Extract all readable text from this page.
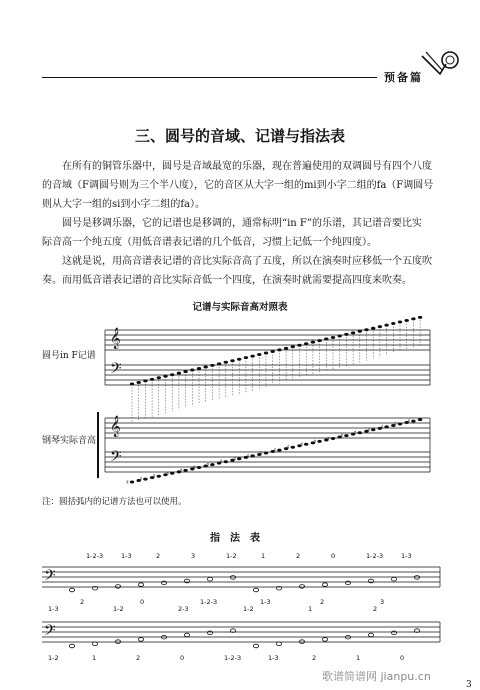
预备篇
三、圆号的音域、记谱与指法表
在所有的铜管乐器中，圆号是音域最宽的乐器，现在普遍使用的双调圆号有四个八度
的音域（F调圆号则为三个半八度），它的音区从大字一组的mi到小字二组的fa（F调圆号
则从大字一组的si到小字二组的fa）。
圆号是移调乐器，它的记谱也是移调的，通常标明“in F”的乐谱，其记谱音要比实
际音高一个纯五度（用低音谱表记谱的几个低音，习惯上记低一个纯四度）。
这就是说，用高音谱表记谱的音比实际音高了五度，所以在演奏时应移低一个五度吹
奏。而用低音谱表记谱的音比实际音低一个四度，在演奏时就需要提高四度来吹奏。
记谱与实际音高对照表
圆号in F记谱
钢琴实际音高
𝄞
𝄢
𝄞
𝄢
♯ ♯ ♯ ♯ ♯ ♯ ♯ ♯ ♯ ♯ ♯ ♯ ♯ ♯ ♯ ♯ ♯ ♯ ♯ ♯ ♯ ♯
𝄢
𝄢
注：圆括弧内的记谱方法也可以使用。
指法表
1-2-3	1-3	2	3	1-2	1	2	0	1-2-3	1-3
2	0	1-2-3	1-3	2	3
1-3	1-2	2-3	1-2	1	2
1-2	1	2	0	1-2-3	1-3	2	1	0
歌谱简谱网 jianpu.cn
3
